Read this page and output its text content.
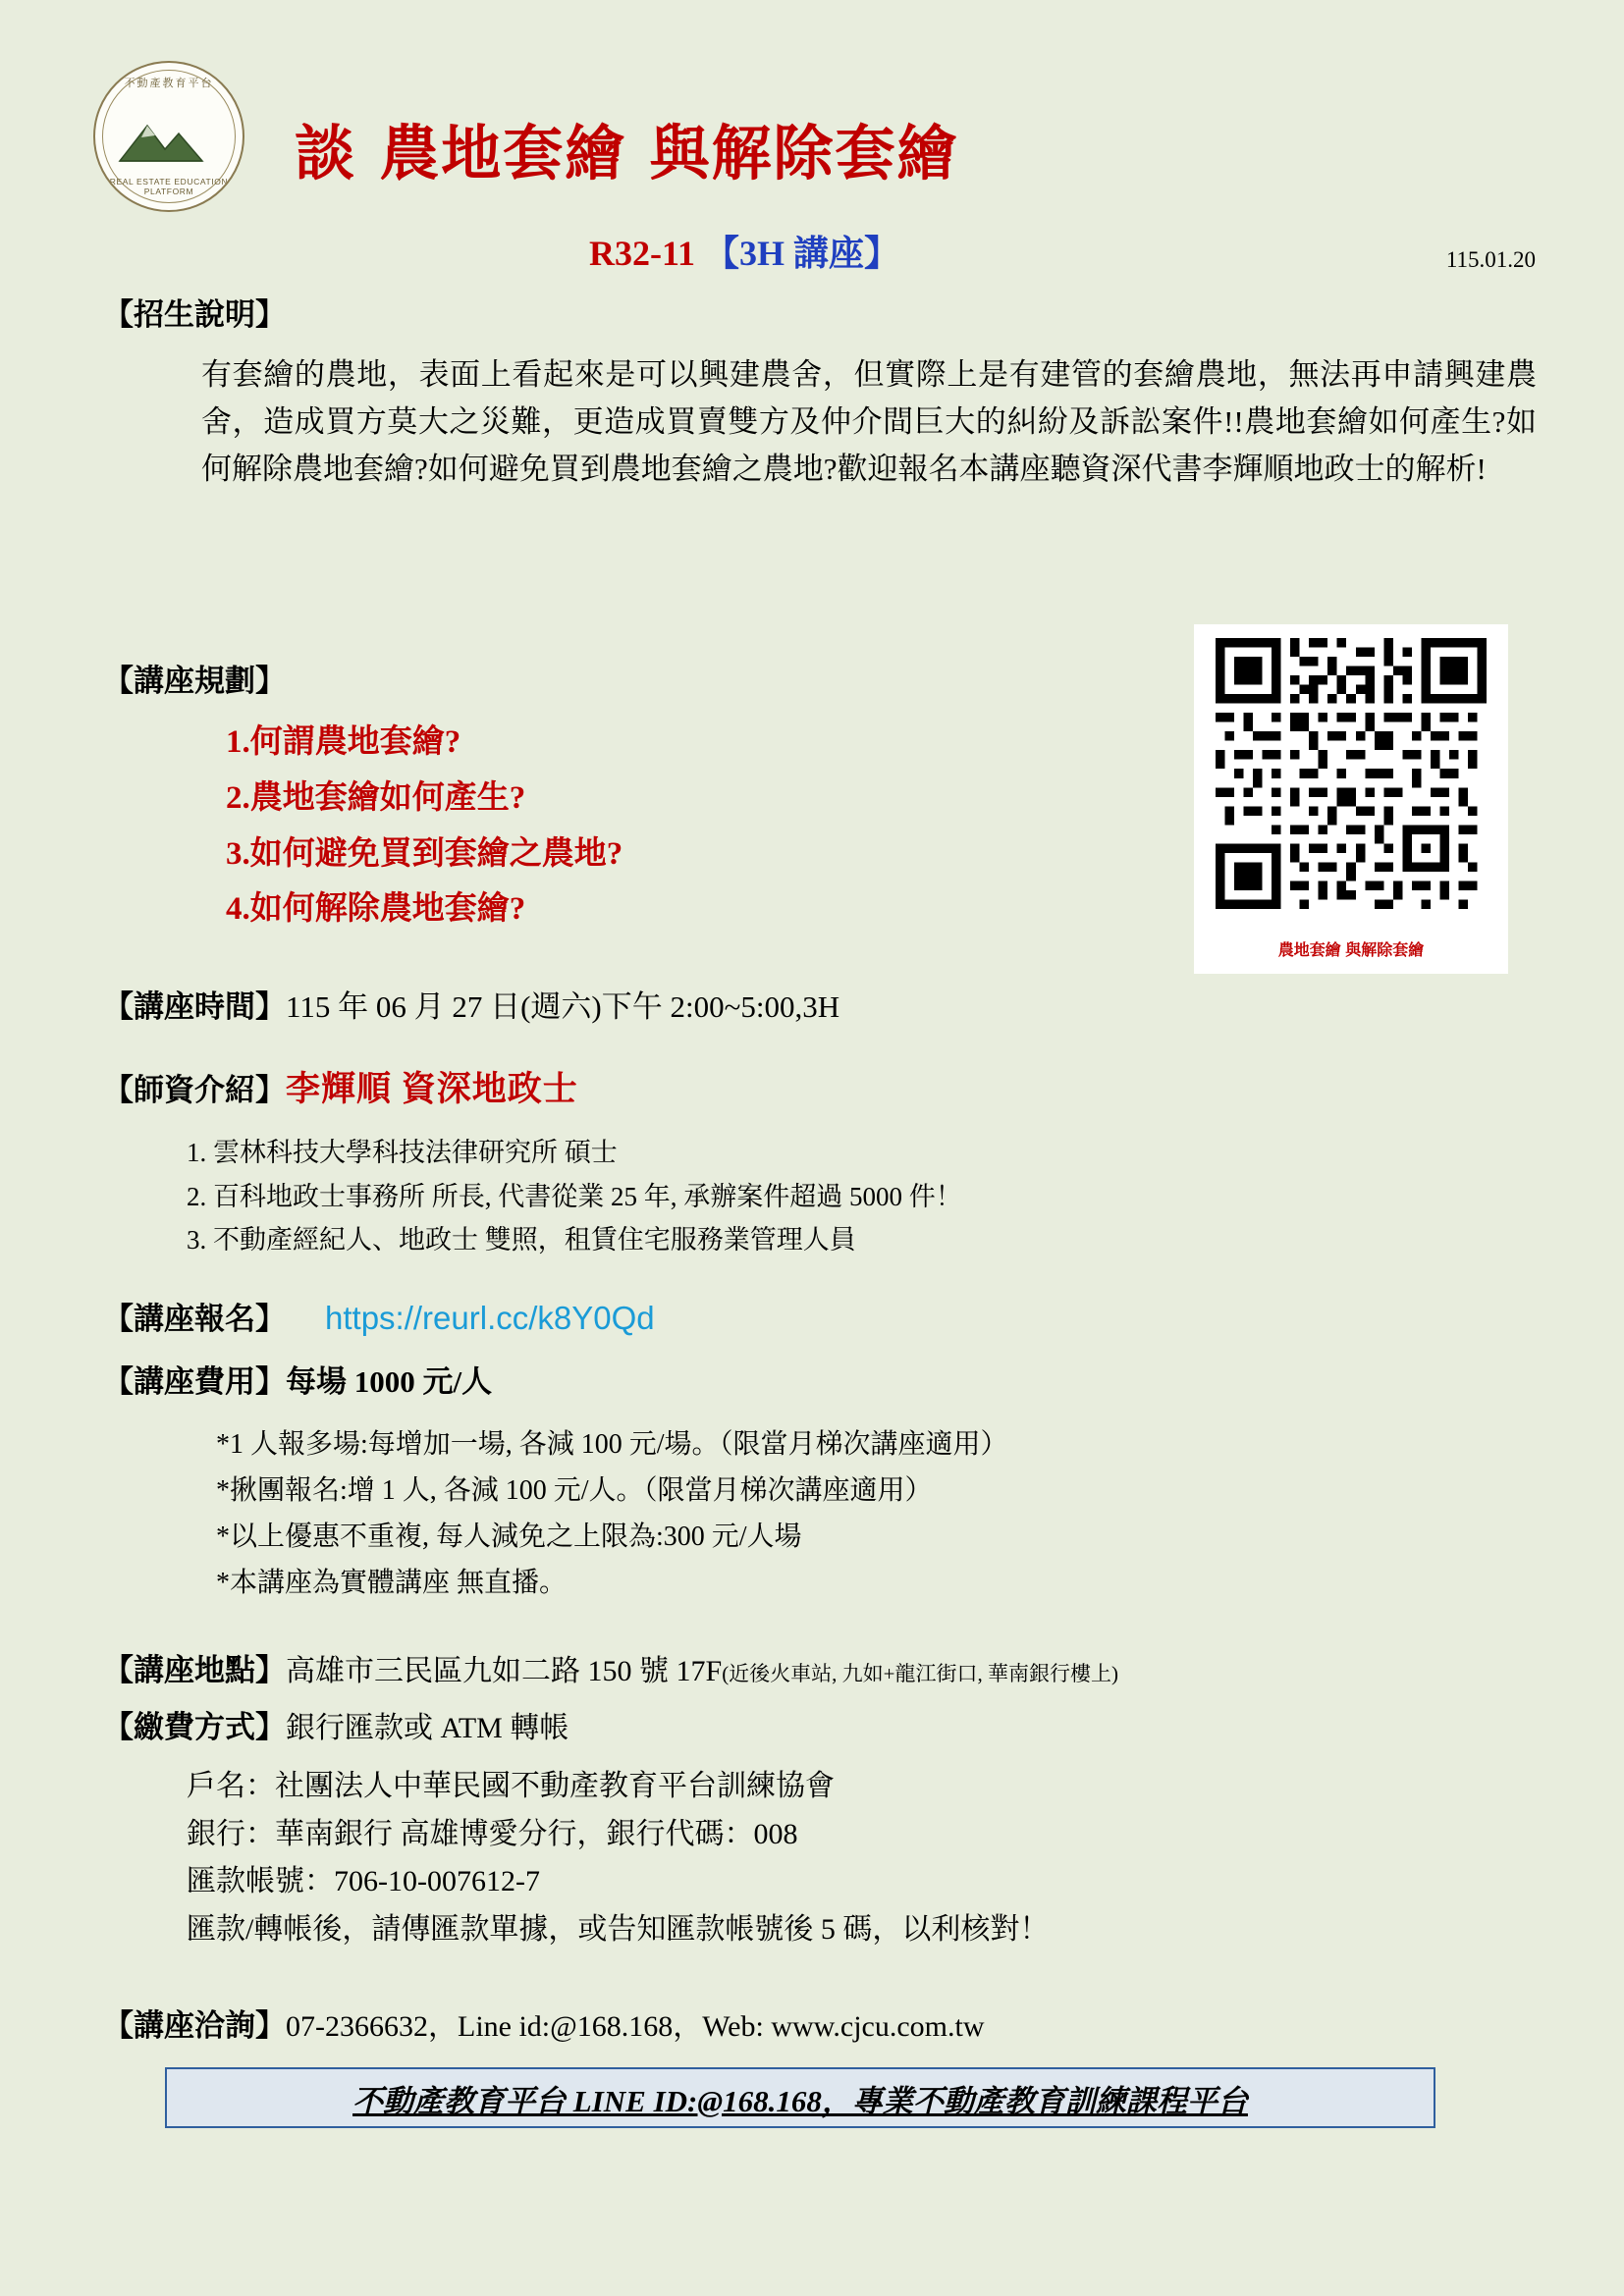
不動產教育平台
REAL ESTATE EDUCATION PLATFORM
談 農地套繪 與解除套繪
R32-11 【3H 講座】	115.01.20
【招生說明】
有套繪的農地，表面上看起來是可以興建農舍，但實際上是有建管的套繪農地，無法再申請興建農舍，造成買方莫大之災難，更造成買賣雙方及仲介間巨大的糾紛及訴訟案件!!農地套繪如何產生?如何解除農地套繪?如何避免買到農地套繪之農地?歡迎報名本講座聽資深代書李輝順地政士的解析!
【講座規劃】
1.何謂農地套繪?
2.農地套繪如何產生?
3.如何避免買到套繪之農地?
4.如何解除農地套繪?
農地套繪 與解除套繪
【講座時間】115 年 06 月 27 日(週六)下午 2:00~5:00,3H
【師資介紹】李輝順 資深地政士
1. 雲林科技大學科技法律研究所 碩士
2. 百科地政士事務所 所長, 代書從業 25 年, 承辦案件超過 5000 件！
3. 不動產經紀人、地政士 雙照，租賃住宅服務業管理人員
【講座報名】 https://reurl.cc/k8Y0Qd
【講座費用】每場 1000 元/人
*1 人報多場:每增加一場, 各減 100 元/場。（限當月梯次講座適用）
*揪團報名:增 1 人, 各減 100 元/人。（限當月梯次講座適用）
*以上優惠不重複, 每人減免之上限為:300 元/人場
*本講座為實體講座 無直播。
【講座地點】高雄市三民區九如二路 150 號 17F(近後火車站, 九如+龍江街口, 華南銀行樓上)
【繳費方式】銀行匯款或 ATM 轉帳
戶名：社團法人中華民國不動產教育平台訓練協會
銀行：華南銀行 高雄博愛分行，銀行代碼：008
匯款帳號：706-10-007612-7
匯款/轉帳後，請傳匯款單據，或告知匯款帳號後 5 碼，以利核對！
【講座洽詢】07-2366632，Line id:@168.168，Web: www.cjcu.com.tw
不動產教育平台 LINE ID:@168.168，專業不動產教育訓練課程平台
